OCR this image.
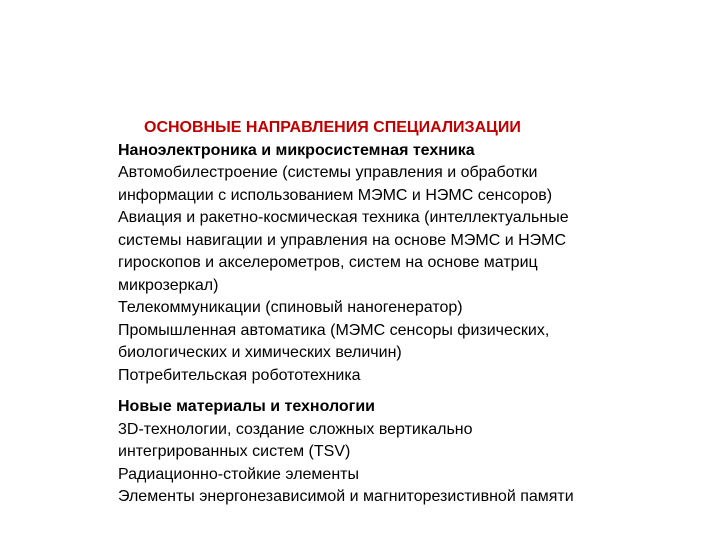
ОСНОВНЫЕ НАПРАВЛЕНИЯ СПЕЦИАЛИЗАЦИИ
Наноэлектроника и микросистемная техника
Автомобилестроение (системы управления и обработки
информации с использованием МЭМС и НЭМС сенсоров)
Авиация и ракетно-космическая техника (интеллектуальные
системы навигации и управления на основе МЭМС и НЭМС
гироскопов и акселерометров, систем на основе матриц
микрозеркал)
Телекоммуникации (спиновый наногенератор)
Промышленная автоматика (МЭМС сенсоры физических,
биологических и химических величин)
Потребительская робототехника
Новые материалы и технологии
3D-технологии, создание сложных вертикально
интегрированных систем (TSV)
Радиационно-стойкие элементы
Элементы энергонезависимой и магниторезистивной памяти
